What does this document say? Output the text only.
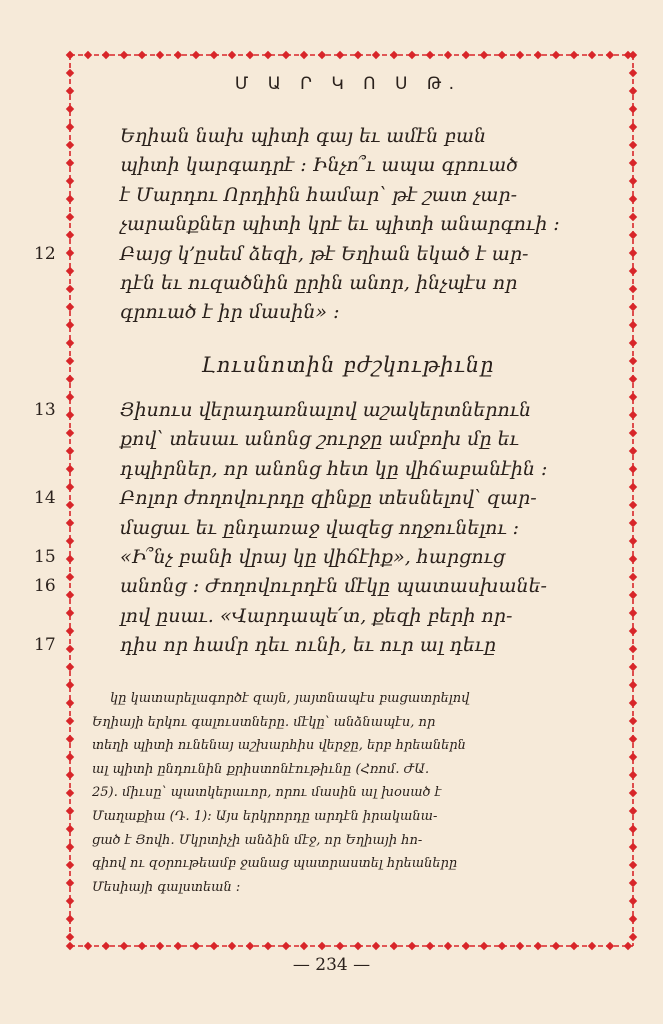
Մ Ա Ր Կ Ո Ս Թ․
Եղիան նախ պիտի գայ եւ ամէն բան
պիտի կարգադրէ ։ Ինչո՞ւ ապա գրուած
է Մարդու Որդիին համար՝ թէ շատ չար-
չարանքներ պիտի կրէ եւ պիտի անարգուի ։
12	Բայց կ՚ըսեմ ձեզի, թէ Եղիան եկած է ար-
դէն եւ ուզածնին ըրին անոր, ինչպէս որ
գրուած է իր մասին» ։
Լուսնոտին բժշկութիւնը
13	Յիսուս վերադառնալով աշակերտներուն
քով՝ տեսաւ անոնց շուրջը ամբոխ մը եւ
դպիրներ, որ անոնց հետ կը վիճաբանէին ։
14	Բոլոր ժողովուրդը զինքը տեսնելով՝ զար-
մացաւ եւ ընդառաջ վազեց ողջունելու ։
15	«Ի՞նչ բանի վրայ կը վիճէիք», հարցուց
16	անոնց ։ Ժողովուրդէն մէկը պատասխանե-
լով ըսաւ․ «Վարդապե՛տ, քեզի բերի որ-
17	դիս որ համր դեւ ունի, եւ ուր ալ դեւը
կը կատարելագործէ զայն, յայտնապէս բացատրելով
Եղիայի երկու գալուստները․ մէկը՝ անձնապէս, որ
տեղի պիտի ունենայ աշխարհիս վերջը, երբ հրեաներն
ալ պիտի ընդունին քրիստոնէութիւնը (Հռոմ․ ԺԱ․
25)․ միւսը՝ պատկերաւոր, որու մասին ալ խօսած է
Մաղաքիա (Դ․ 1)։ Այս երկրորդը արդէն իրականա-
ցած է Յովհ․ Մկրտիչի անձին մէջ, որ Եղիայի հո-
գիով ու զօրութեամբ ջանաց պատրաստել հրեաները
Մեսիայի գալստեան ։
— 234 —
